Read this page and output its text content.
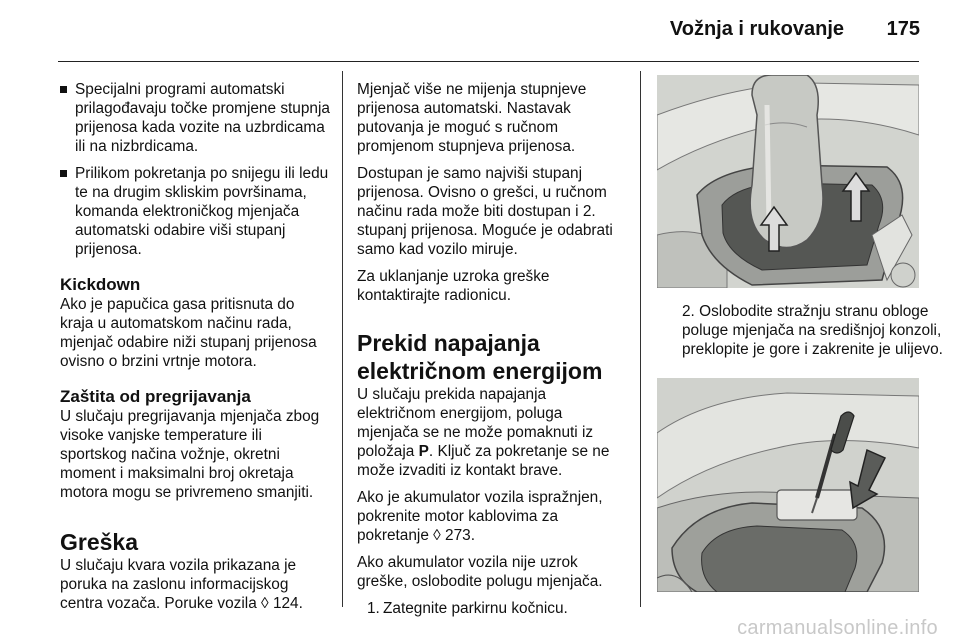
Vožnja i rukovanje 175
Specijalni programi automatski prilagođavaju točke promjene stupnja prijenosa kada vozite na uzbrdicama ili na nizbrdicama.
Prilikom pokretanja po snijegu ili ledu te na drugim skliskim površinama, komanda elektroničkog mjenjača automatski odabire viši stupanj prijenosa.
Kickdown

Ako je papučica gasa pritisnuta do kraja u automatskom načinu rada, mjenjač odabire niži stupanj prijenosa ovisno o brzini vrtnje motora.

Zaštita od pregrijavanja

U slučaju pregrijavanja mjenjača zbog visoke vanjske temperature ili sportskog načina vožnje, okretni moment i maksimalni broj okretaja motora mogu se privremeno smanjiti.

Greška

U slučaju kvara vozila prikazana je poruka na zaslonu informacijskog centra vozača. Poruke vozila ◊ 124.

Mjenjač više ne mijenja stupnjeve prijenosa automatski. Nastavak putovanja je moguć s ručnom promjenom stupnjeva prijenosa.

Dostupan je samo najviši stupanj prijenosa. Ovisno o grešci, u ručnom načinu rada može biti dostupan i 2. stupanj prijenosa. Moguće je odabrati samo kad vozilo miruje.

Za uklanjanje uzroka greške kontaktirajte radionicu.

Prekid napajanja
električnom energijom

U slučaju prekida napajanja električnom energijom, poluga mjenjača se ne može pomaknuti iz položaja P. Ključ za pokretanje se ne može izvaditi iz kontakt brave.

Ako je akumulator vozila ispražnjen, pokrenite motor kablovima za pokretanje ◊ 273.

Ako akumulator vozila nije uzrok greške, oslobodite polugu mjenjača.

1. Zategnite parkirnu kočnicu.
2. Oslobodite stražnju stranu obloge poluge mjenjača na središnjoj konzoli, preklopite je gore i zakrenite je ulijevo.
carmanualsonline.info
